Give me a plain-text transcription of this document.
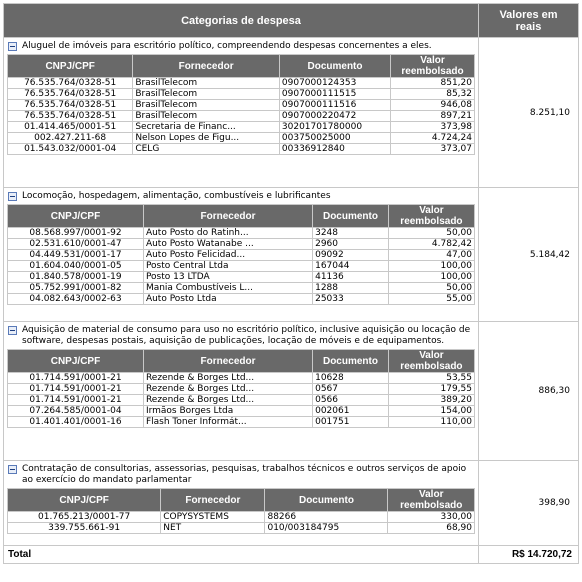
Categorias de despesa	Valores em reais

Aluguel de imóveis para escritório político, compreendendo despesas concernentes a eles.
CNPJ/CPF	Fornecedor	Documento	Valor reembolsado
76.535.764/0328-51	BrasilTelecom	0907000124353	851,20
76.535.764/0328-51	BrasilTelecom	0907000111515	85,32
76.535.764/0328-51	BrasilTelecom	0907000111516	946,08
76.535.764/0328-51	BrasilTelecom	0907000220472	897,21
01.414.465/0001-51	Secretaria de Financ...	30201701780000	373,98
002.427.211-68	Nelson Lopes de Figu...	003750025000	4.724,24
01.543.032/0001-04	CELG	00336912840	373,07
	8.251,10

Locomoção, hospedagem, alimentação, combustíveis e lubrificantes
CNPJ/CPF	Fornecedor	Documento	Valor reembolsado
08.568.997/0001-92	Auto Posto do Ratinh...	3248	50,00
02.531.610/0001-47	Auto Posto Watanabe ...	2960	4.782,42
04.449.531/0001-17	Auto Posto Felicidad...	09092	47,00
01.604.040/0001-05	Posto Central Ltda	167044	100,00
01.840.578/0001-19	Posto 13 LTDA	41136	100,00
05.752.991/0001-82	Mania Combustíveis L...	1288	50,00
04.082.643/0002-63	Auto Posto Ltda	25033	55,00
	5.184,42

Aquisição de material de consumo para uso no escritório político, inclusive aquisição ou locação de software, despesas postais, aquisição de publicações, locação de móveis e de equipamentos.
CNPJ/CPF	Fornecedor	Documento	Valor reembolsado
01.714.591/0001-21	Rezende & Borges Ltd...	10628	53,55
01.714.591/0001-21	Rezende & Borges Ltd...	0567	179,55
01.714.591/0001-21	Rezende & Borges Ltd...	0566	389,20
07.264.585/0001-04	Irmãos Borges Ltda	002061	154,00
01.401.401/0001-16	Flash Toner Informát...	001751	110,00
	886,30

Contratação de consultorias, assessorias, pesquisas, trabalhos técnicos e outros serviços de apoio ao exercício do mandato parlamentar
CNPJ/CPF	Fornecedor	Documento	Valor reembolsado
01.765.213/0001-77	COPYSYSTEMS	88266	330,00
339.755.661-91	NET	010/003184795	68,90
	398,90
Total	R$ 14.720,72
